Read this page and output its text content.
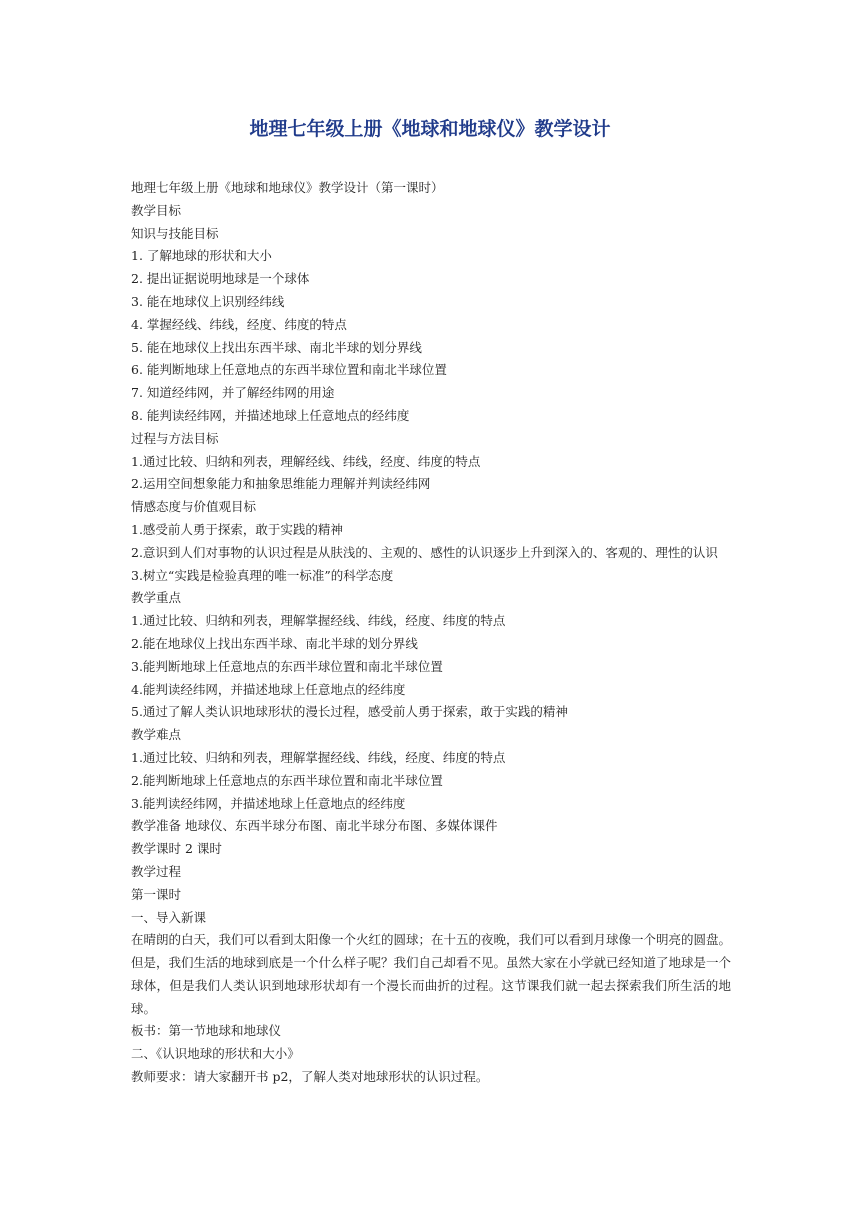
地理七年级上册《地球和地球仪》教学设计

地理七年级上册《地球和地球仪》教学设计（第一课时）

教学目标

知识与技能目标

1. 了解地球的形状和大小

2. 提出证据说明地球是一个球体

3. 能在地球仪上识别经纬线

4. 掌握经线、纬线，经度、纬度的特点

5. 能在地球仪上找出东西半球、南北半球的划分界线

6. 能判断地球上任意地点的东西半球位置和南北半球位置

7. 知道经纬网，并了解经纬网的用途

8. 能判读经纬网，并描述地球上任意地点的经纬度

过程与方法目标

1.通过比较、归纳和列表，理解经线、纬线，经度、纬度的特点

2.运用空间想象能力和抽象思维能力理解并判读经纬网

情感态度与价值观目标

1.感受前人勇于探索，敢于实践的精神

2.意识到人们对事物的认识过程是从肤浅的、主观的、感性的认识逐步上升到深入的、客观的、理性的认识

3.树立“实践是检验真理的唯一标准”的科学态度

教学重点

1.通过比较、归纳和列表，理解掌握经线、纬线，经度、纬度的特点

2.能在地球仪上找出东西半球、南北半球的划分界线

3.能判断地球上任意地点的东西半球位置和南北半球位置

4.能判读经纬网，并描述地球上任意地点的经纬度

5.通过了解人类认识地球形状的漫长过程，感受前人勇于探索，敢于实践的精神

教学难点

1.通过比较、归纳和列表，理解掌握经线、纬线，经度、纬度的特点

2.能判断地球上任意地点的东西半球位置和南北半球位置

3.能判读经纬网，并描述地球上任意地点的经纬度

教学准备 地球仪、东西半球分布图、南北半球分布图、多媒体课件

教学课时 2 课时

教学过程

第一课时

一、导入新课

在晴朗的白天，我们可以看到太阳像一个火红的圆球；在十五的夜晚，我们可以看到月球像一个明亮的圆盘。但是，我们生活的地球到底是一个什么样子呢？我们自己却看不见。虽然大家在小学就已经知道了地球是一个球体，但是我们人类认识到地球形状却有一个漫长而曲折的过程。这节课我们就一起去探索我们所生活的地球。

板书：第一节地球和地球仪

二、《认识地球的形状和大小》

教师要求：请大家翻开书 p2，了解人类对地球形状的认识过程。
